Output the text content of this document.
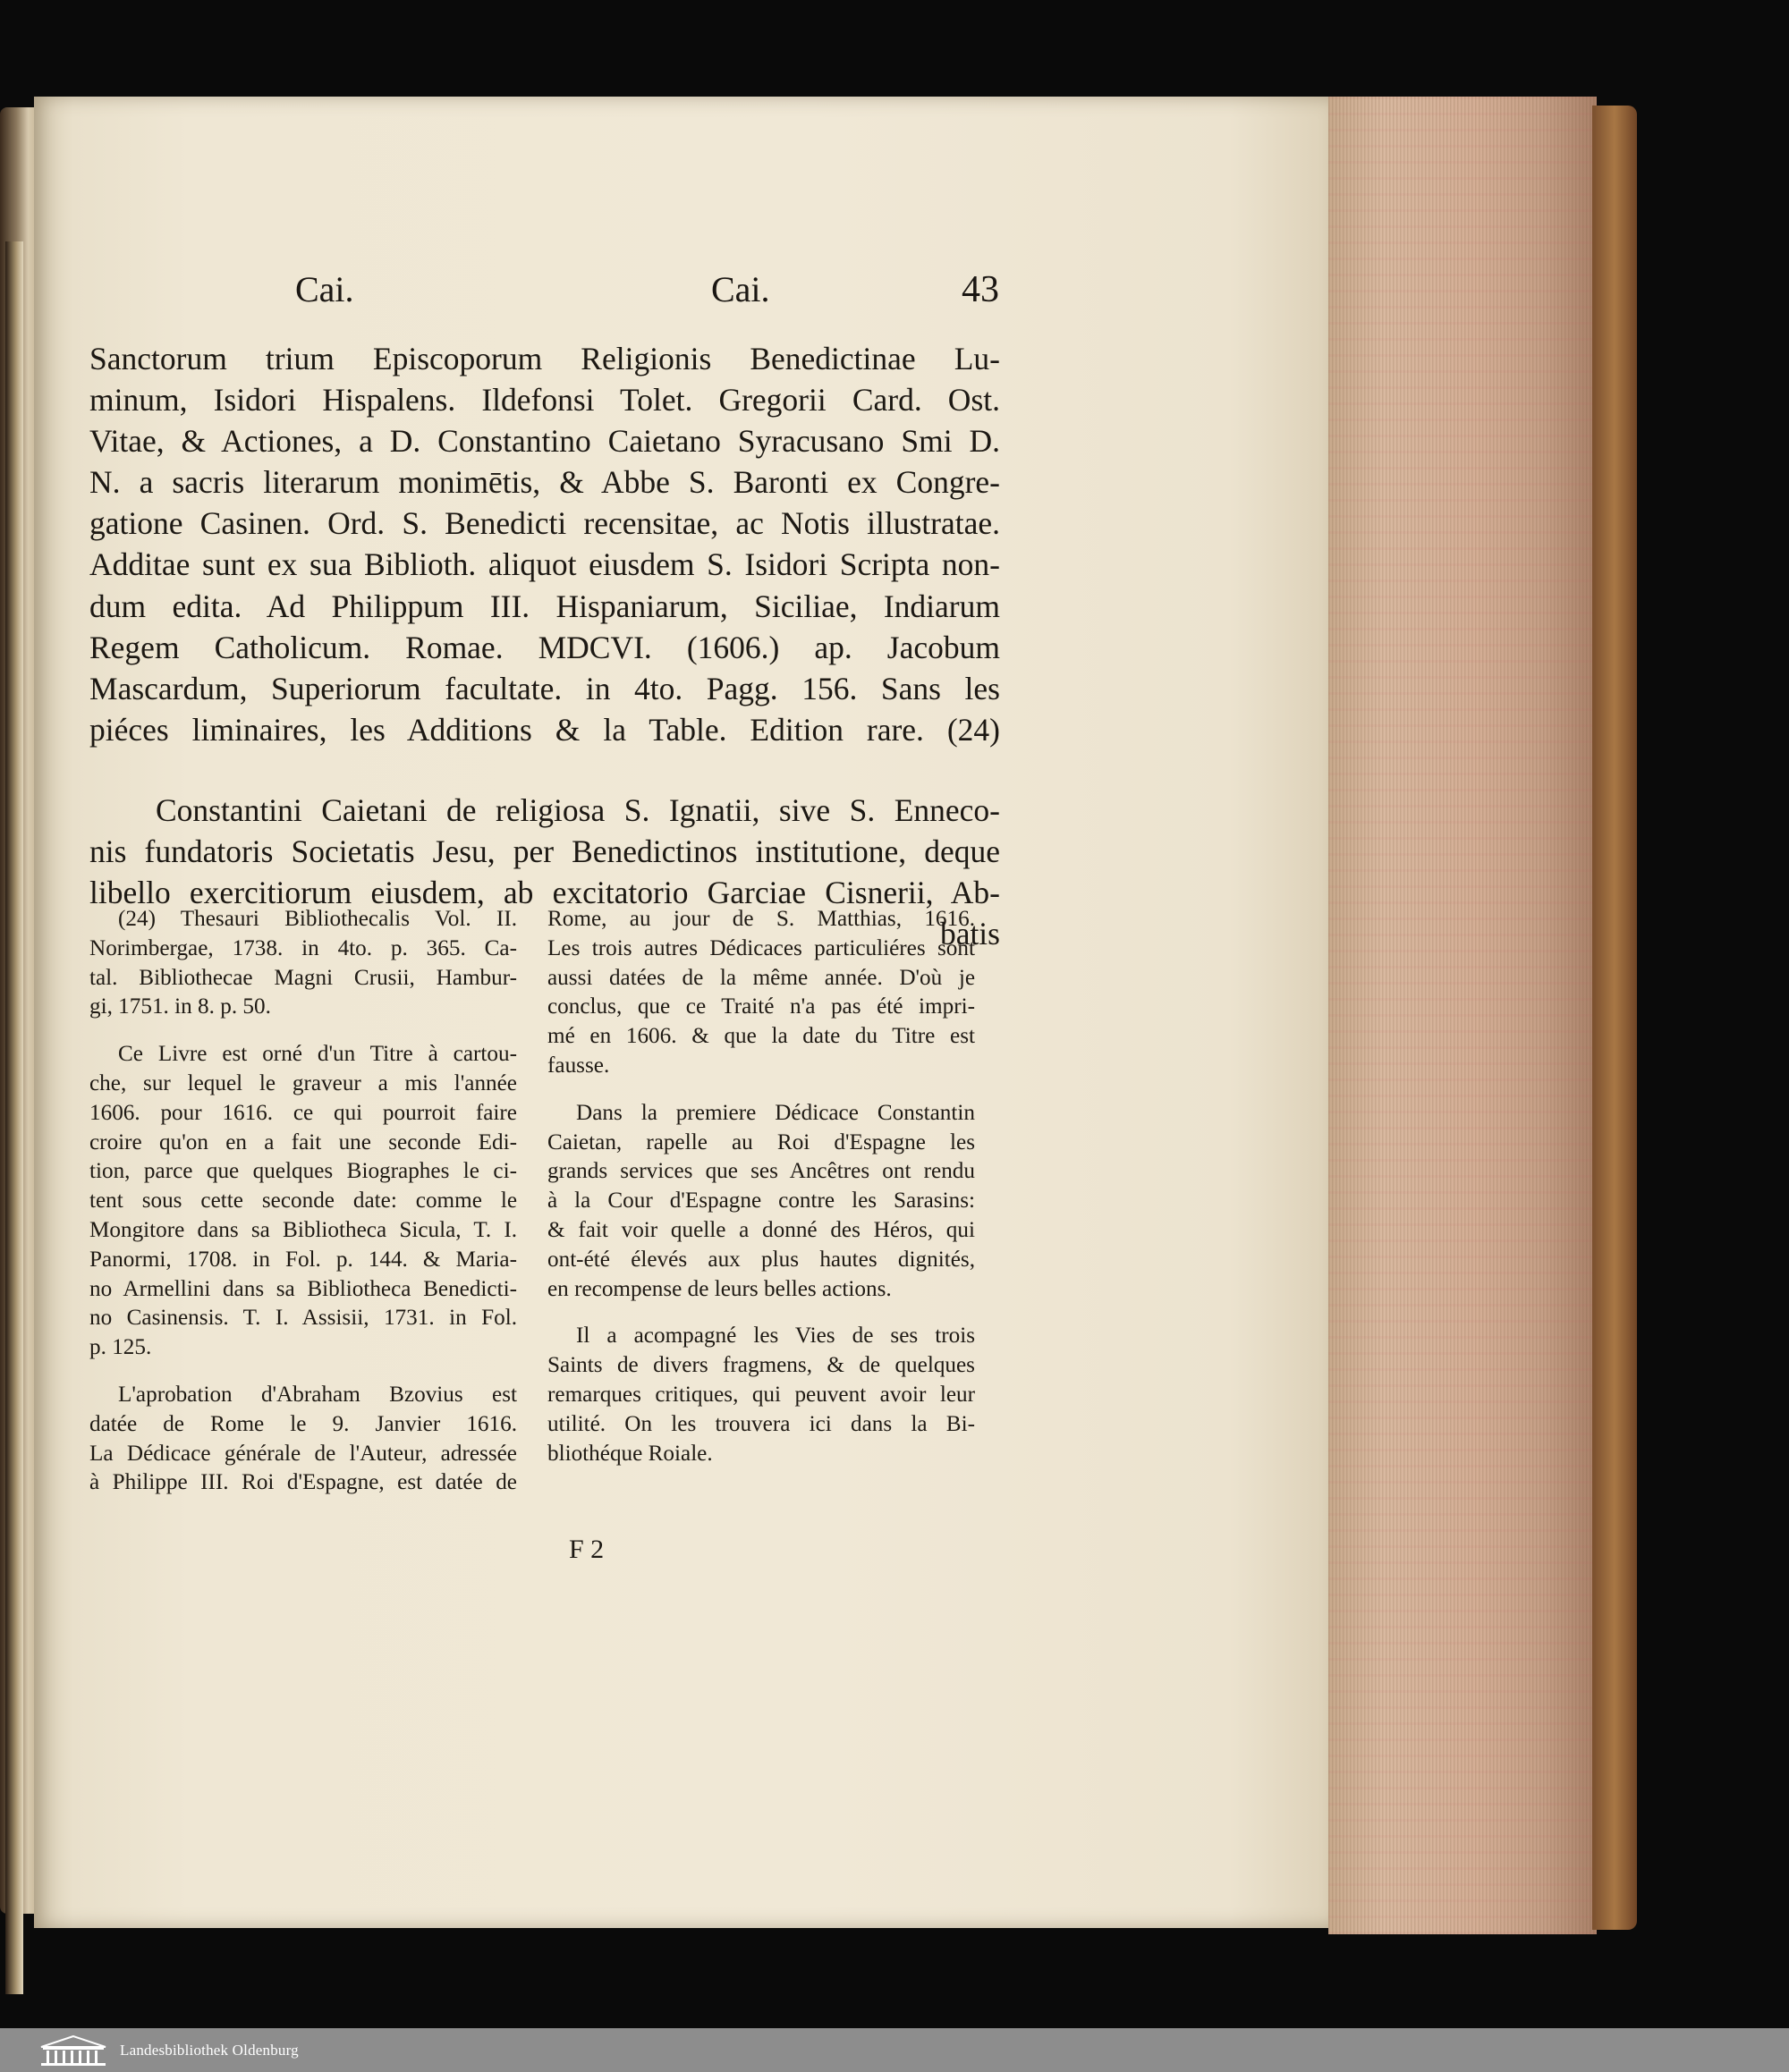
Cai.	Cai.	43
Sanctorum trium Episcoporum Religionis Benedictinae Lu-
minum, Isidori Hispalens. Ildefonsi Tolet. Gregorii Card. Ost.
Vitae, & Actiones, a D. Constantino Caietano Syracusano Smi D.
N. a sacris literarum monimētis, & Abbe S. Baronti ex Congre-
gatione Casinen. Ord. S. Benedicti recensitae, ac Notis illustratae.
Additae sunt ex sua Biblioth. aliquot eiusdem S. Isidori Scripta non-
dum edita. Ad Philippum III. Hispaniarum, Siciliae, Indiarum
Regem Catholicum. Romae. MDCVI. (1606.) ap. Jacobum
Mascardum, Superiorum facultate. in 4to. Pagg. 156. Sans les
piéces liminaires, les Additions & la Table. Edition rare. (24)
Constantini Caietani de religiosa S. Ignatii, sive S. Enneco-
nis fundatoris Societatis Jesu, per Benedictinos institutione, deque
libello exercitiorum eiusdem, ab excitatorio Garciae Cisnerii, Ab-
batis
(24) Thesauri Bibliothecalis Vol. II.
Norimbergae, 1738. in 4to. p. 365. Ca-
tal. Bibliothecae Magni Crusii, Hambur-
gi, 1751. in 8. p. 50.
Ce Livre est orné d'un Titre à cartou-
che, sur lequel le graveur a mis l'année
1606. pour 1616. ce qui pourroit faire
croire qu'on en a fait une seconde Edi-
tion, parce que quelques Biographes le ci-
tent sous cette seconde date: comme le
Mongitore dans sa Bibliotheca Sicula, T. I.
Panormi, 1708. in Fol. p. 144. & Maria-
no Armellini dans sa Bibliotheca Benedicti-
no Casinensis. T. I. Assisii, 1731. in Fol.
p. 125.
L'aprobation d'Abraham Bzovius est
datée de Rome le 9. Janvier 1616.
La Dédicace générale de l'Auteur, adressée
à Philippe III. Roi d'Espagne, est datée de
Rome, au jour de S. Matthias, 1616.
Les trois autres Dédicaces particuliéres sont
aussi datées de la même année. D'où je
conclus, que ce Traité n'a pas été impri-
mé en 1606. & que la date du Titre est
fausse.
Dans la premiere Dédicace Constantin
Caietan, rapelle au Roi d'Espagne les
grands services que ses Ancêtres ont rendu
à la Cour d'Espagne contre les Sarasins:
& fait voir quelle a donné des Héros, qui
ont-été élevés aux plus hautes dignités,
en recompense de leurs belles actions.
Il a acompagné les Vies de ses trois
Saints de divers fragmens, & de quelques
remarques critiques, qui peuvent avoir leur
utilité. On les trouvera ici dans la Bi-
bliothéque Roiale.
F 2
Landesbibliothek Oldenburg
